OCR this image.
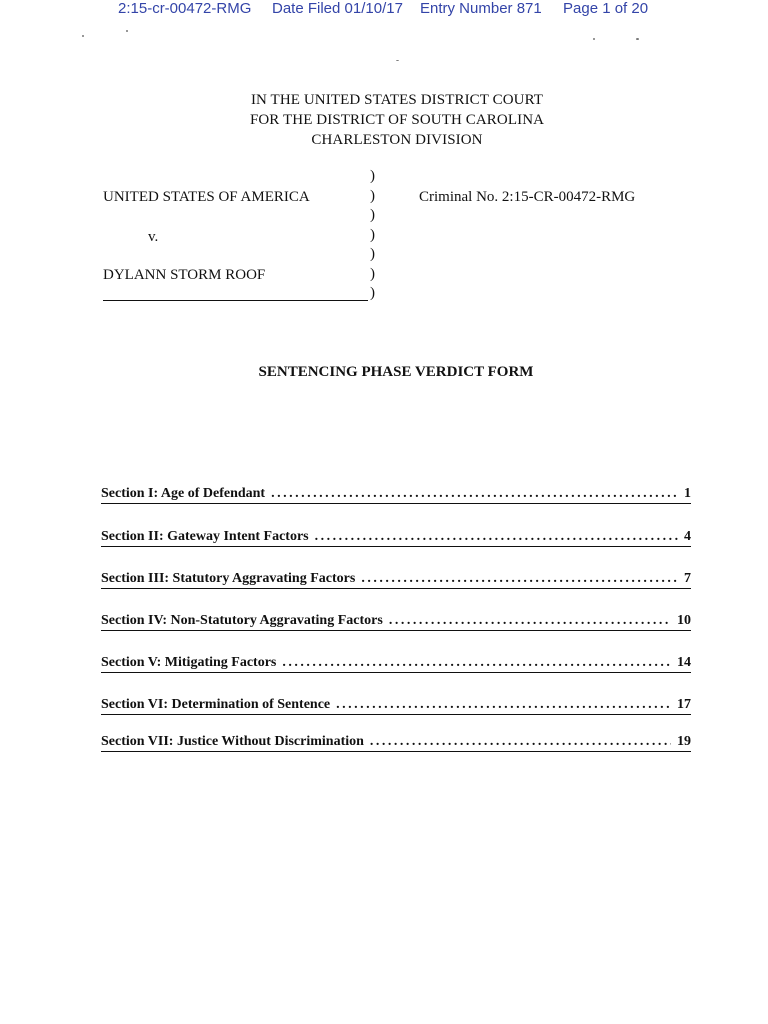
2:15-cr-00472-RMG	Date Filed 01/10/17	Entry Number 871	Page 1 of 20
IN THE UNITED STATES DISTRICT COURT
FOR THE DISTRICT OF SOUTH CAROLINA
CHARLESTON DIVISION
UNITED STATES OF AMERICA
v.
DYLANN STORM ROOF
)
)
)
)
)
)
)
Criminal No. 2:15-CR-00472-RMG
SENTENCING PHASE VERDICT FORM
Section I: Age of Defendant . . .	1
Section II: Gateway Intent Factors . . .	4
Section III: Statutory Aggravating Factors . . .	7
Section IV: Non-Statutory Aggravating Factors . . .	10
Section V: Mitigating Factors . . .	14
Section VI: Determination of Sentence . . .	17
Section VII: Justice Without Discrimination . . .	19
